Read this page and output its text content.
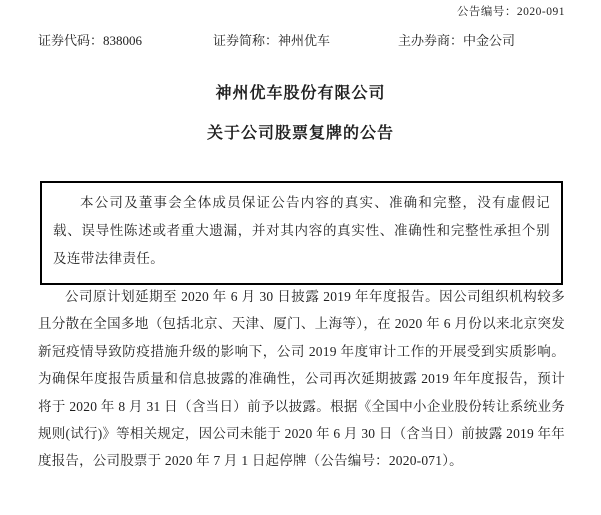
公告编号：2020-091
证券代码：838006	证券简称：神州优车	主办券商：中金公司
神州优车股份有限公司
关于公司股票复牌的公告
本公司及董事会全体成员保证公告内容的真实、准确和完整，没有虚假记载、误导性陈述或者重大遗漏，并对其内容的真实性、准确性和完整性承担个别及连带法律责任。
公司原计划延期至 2020 年 6 月 30 日披露 2019 年年度报告。因公司组织机构较多且分散在全国多地（包括北京、天津、厦门、上海等），在 2020 年 6 月份以来北京突发新冠疫情导致防疫措施升级的影响下，公司 2019 年度审计工作的开展受到实质影响。为确保年度报告质量和信息披露的准确性，公司再次延期披露 2019 年年度报告，预计将于 2020 年 8 月 31 日（含当日）前予以披露。根据《全国中小企业股份转让系统业务规则(试行)》等相关规定，因公司未能于 2020 年 6 月 30 日（含当日）前披露 2019 年年度报告，公司股票于 2020 年 7 月 1 日起停牌（公告编号：2020-071）。
